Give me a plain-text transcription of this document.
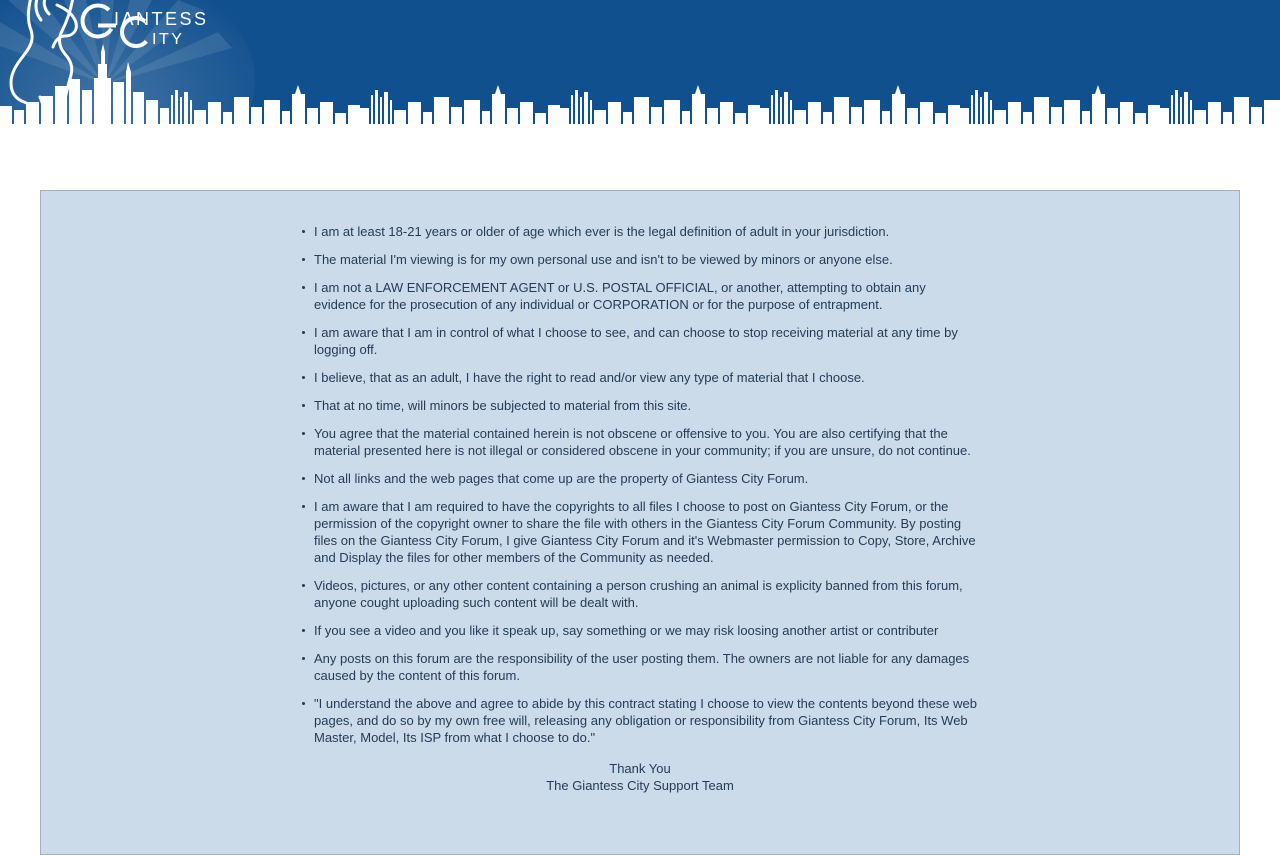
IANTESS
ITY
I am at least 18-21 years or older of age which ever is the legal definition of adult in your jurisdiction.
The material I'm viewing is for my own personal use and isn't to be viewed by minors or anyone else.
I am not a LAW ENFORCEMENT AGENT or U.S. POSTAL OFFICIAL, or another, attempting to obtain any evidence for the prosecution of any individual or CORPORATION or for the purpose of entrapment.
I am aware that I am in control of what I choose to see, and can choose to stop receiving material at any time by logging off.
I believe, that as an adult, I have the right to read and/or view any type of material that I choose.
That at no time, will minors be subjected to material from this site.
You agree that the material contained herein is not obscene or offensive to you. You are also certifying that the material presented here is not illegal or considered obscene in your community; if you are unsure, do not continue.
Not all links and the web pages that come up are the property of Giantess City Forum.
I am aware that I am required to have the copyrights to all files I choose to post on Giantess City Forum, or the permission of the copyright owner to share the file with others in the Giantess City Forum Community. By posting files on the Giantess City Forum, I give Giantess City Forum and it's Webmaster permission to Copy, Store, Archive and Display the files for other members of the Community as needed.
Videos, pictures, or any other content containing a person crushing an animal is explicity banned from this forum, anyone cought uploading such content will be dealt with.
If you see a video and you like it speak up, say something or we may risk loosing another artist or contributer
Any posts on this forum are the responsibility of the user posting them. The owners are not liable for any damages caused by the content of this forum.
"I understand the above and agree to abide by this contract stating I choose to view the contents beyond these web pages, and do so by my own free will, releasing any obligation or responsibility from Giantess City Forum, Its Web Master, Model, Its ISP from what I choose to do."
Thank You
The Giantess City Support Team
